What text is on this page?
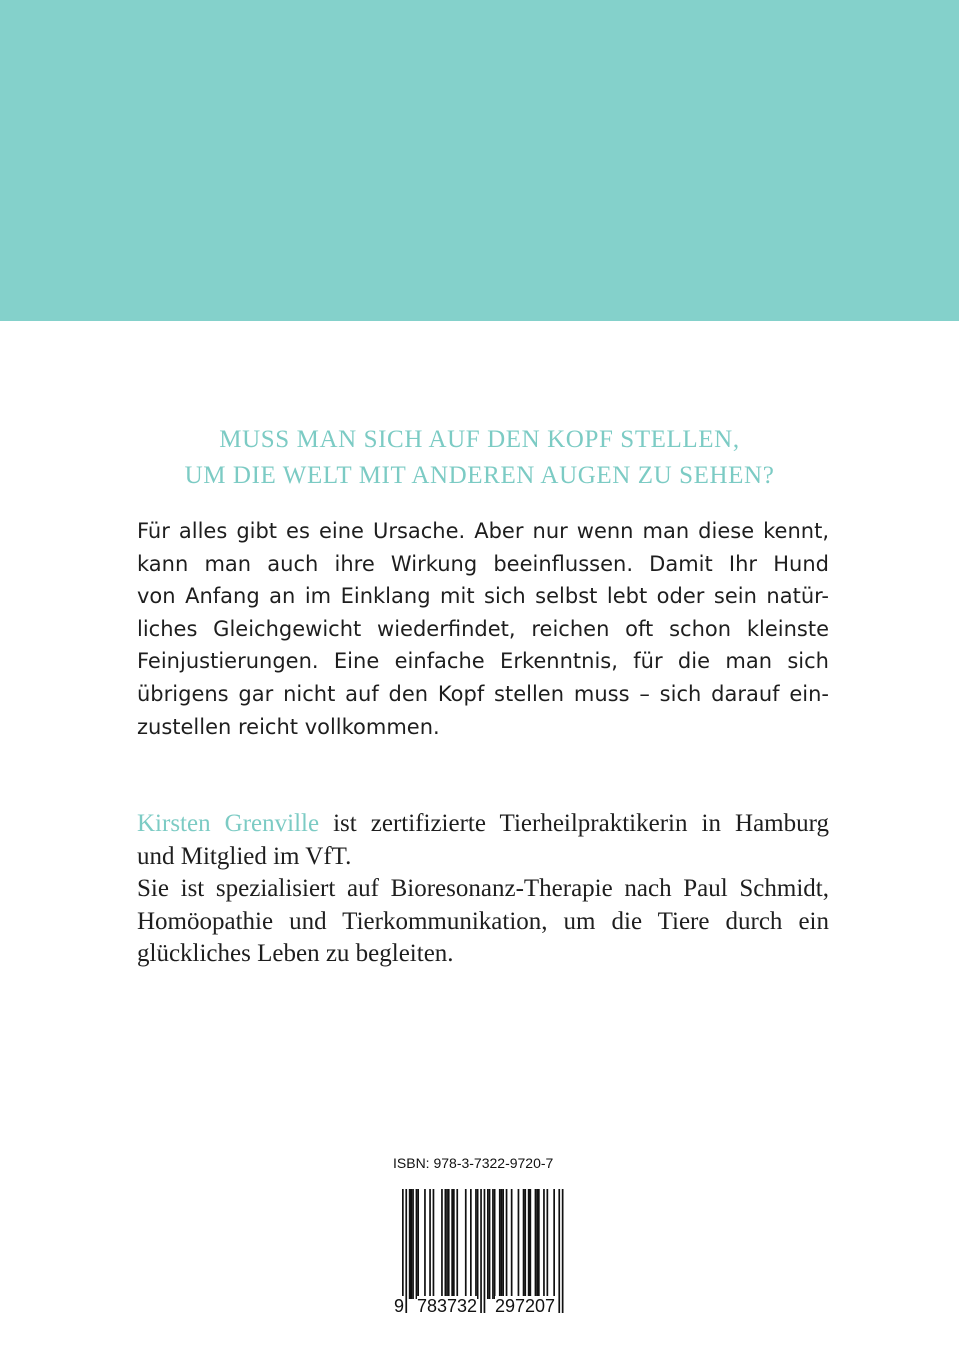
MUSS MAN SICH AUF DEN KOPF STELLEN,
UM DIE WELT MIT ANDEREN AUGEN ZU SEHEN?
Für alles gibt es eine Ursache. Aber nur wenn man diese kennt,
kann man auch ihre Wirkung beeinflussen. Damit Ihr Hund
von Anfang an im Einklang mit sich selbst lebt oder sein natür-
liches Gleichgewicht wiederfindet, reichen oft schon kleinste
Feinjustierungen. Eine einfache Erkenntnis, für die man sich
übrigens gar nicht auf den Kopf stellen muss – sich darauf ein-
zustellen reicht vollkommen.
Kirsten Grenville ist zertifizierte Tierheilpraktikerin in Hamburg
und Mitglied im VfT.
Sie ist spezialisiert auf Bioresonanz-Therapie nach Paul Schmidt,
Homöopathie und Tierkommunikation, um die Tiere durch ein
glückliches Leben zu begleiten.
ISBN: 978-3-7322-9720-7
9 783732 297207
